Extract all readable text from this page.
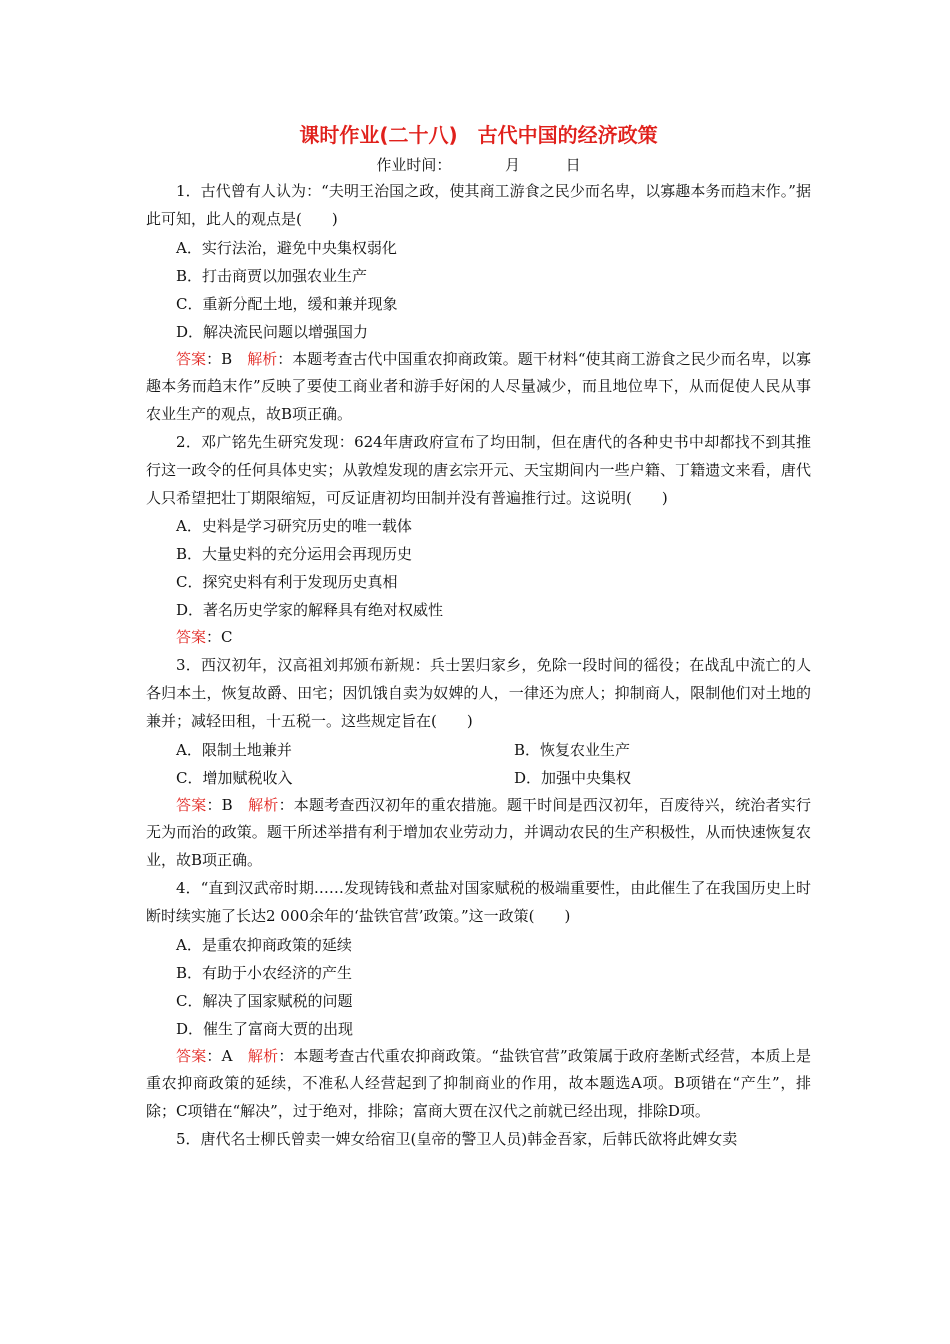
课时作业(二十八)　古代中国的经济政策
作业时间：	月	日

1．古代曾有人认为：“夫明王治国之政，使其商工游食之民少而名卑，以寡趣本务而趋末作。”据此可知，此人的观点是(　　)

A．实行法治，避免中央集权弱化
B．打击商贾以加强农业生产
C．重新分配土地，缓和兼并现象
D．解决流民问题以增强国力

答案：B　 解析：本题考查古代中国重农抑商政策。题干材料“使其商工游食之民少而名卑，以寡趣本务而趋末作”反映了要使工商业者和游手好闲的人尽量减少，而且地位卑下，从而促使人民从事农业生产的观点，故B项正确。

2．邓广铭先生研究发现：624年唐政府宣布了均田制，但在唐代的各种史书中却都找不到其推行这一政令的任何具体史实；从敦煌发现的唐玄宗开元、天宝期间内一些户籍、丁籍遗文来看，唐代人只希望把壮丁期限缩短，可反证唐初均田制并没有普遍推行过。这说明(　　)

A．史料是学习研究历史的唯一载体
B．大量史料的充分运用会再现历史
C．探究史料有利于发现历史真相
D．著名历史学家的解释具有绝对权威性

答案：C

3．西汉初年，汉高祖刘邦颁布新规：兵士罢归家乡，免除一段时间的徭役；在战乱中流亡的人各归本土，恢复故爵、田宅；因饥饿自卖为奴婢的人，一律还为庶人；抑制商人，限制他们对土地的兼并；减轻田租，十五税一。这些规定旨在(　　)

A．限制土地兼并	B．恢复农业生产
C．增加赋税收入	D．加强中央集权

答案：B　 解析：本题考查西汉初年的重农措施。题干时间是西汉初年，百废待兴，统治者实行无为而治的政策。题干所述举措有利于增加农业劳动力，并调动农民的生产积极性，从而快速恢复农业，故B项正确。

4．“直到汉武帝时期……发现铸钱和煮盐对国家赋税的极端重要性，由此催生了在我国历史上时断时续实施了长达2 000余年的‘盐铁官营’政策。”这一政策(　　)

A．是重农抑商政策的延续
B．有助于小农经济的产生
C．解决了国家赋税的问题
D．催生了富商大贾的出现

答案：A　 解析：本题考查古代重农抑商政策。“盐铁官营”政策属于政府垄断式经营，本质上是重农抑商政策的延续，不准私人经营起到了抑制商业的作用，故本题选A项。B项错在“产生”，排除；C项错在“解决”，过于绝对，排除；富商大贾在汉代之前就已经出现，排除D项。

5．唐代名士柳氏曾卖一婢女给宿卫(皇帝的警卫人员)韩金吾家，后韩氏欲将此婢女卖
